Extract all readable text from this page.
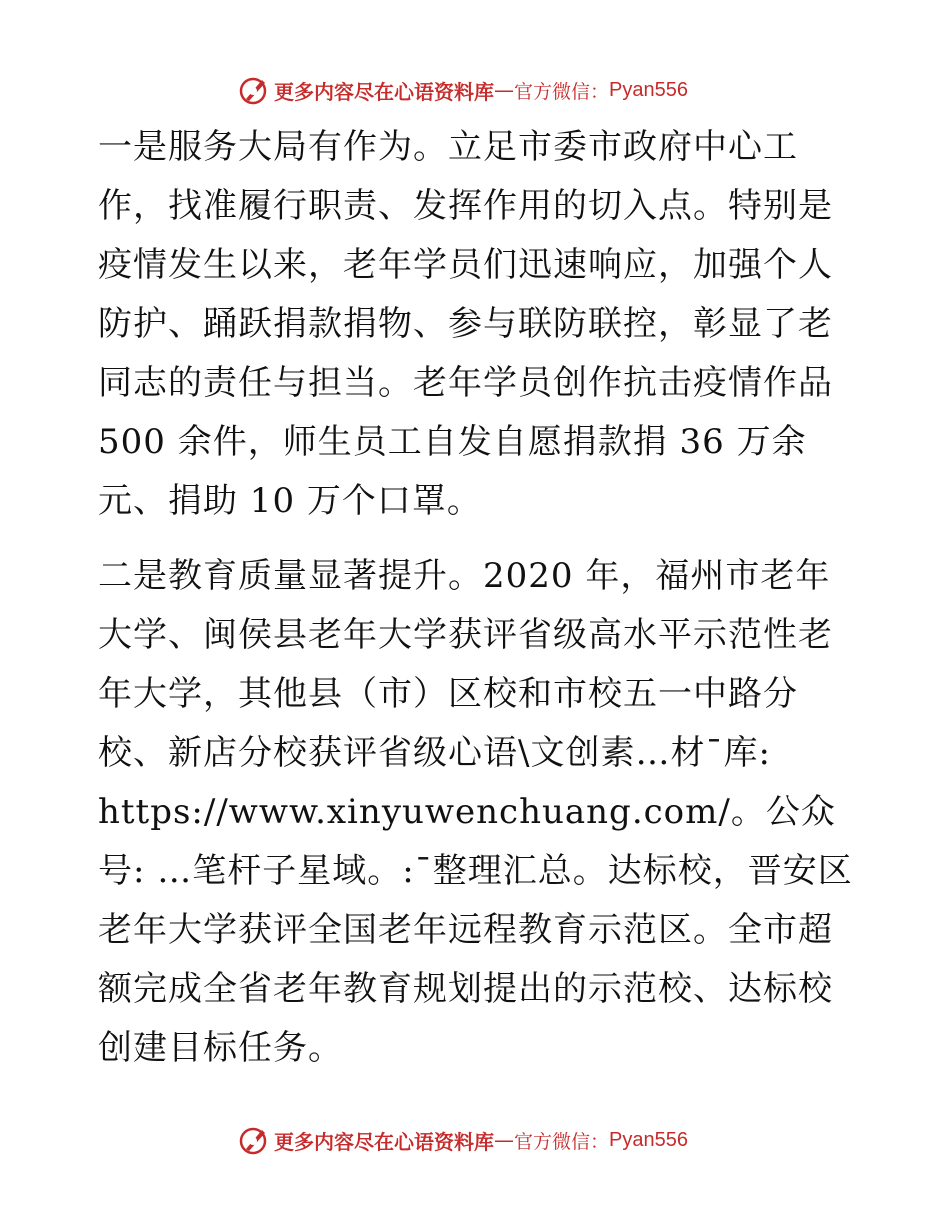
更多内容尽在心语资料库 — 官方微信： Pyan556

一是服务大局有作为。立足市委市政府中心工作，找准履行职责、发挥作用的切入点。特别是疫情发生以来，老年学员们迅速响应，加强个人防护、踊跃捐款捐物、参与联防联控，彰显了老同志的责任与担当。老年学员创作抗击疫情作品 500 余件，师生员工自发自愿捐款捐 36 万余元、捐助 10 万个口罩。

二是教育质量显著提升。2020 年，福州市老年大学、闽侯县老年大学获评省级高水平示范性老年大学，其他县（市）区校和市校五一中路分校、新店分校获评省级心语\文创素…材¯库: https://www.xinyuwenchuang.com/。公众号: …笔杆子星域。:¯整理汇总。达标校，晋安区老年大学获评全国老年远程教育示范区。全市超额完成全省老年教育规划提出的示范校、达标校创建目标任务。

更多内容尽在心语资料库 — 官方微信： Pyan556
